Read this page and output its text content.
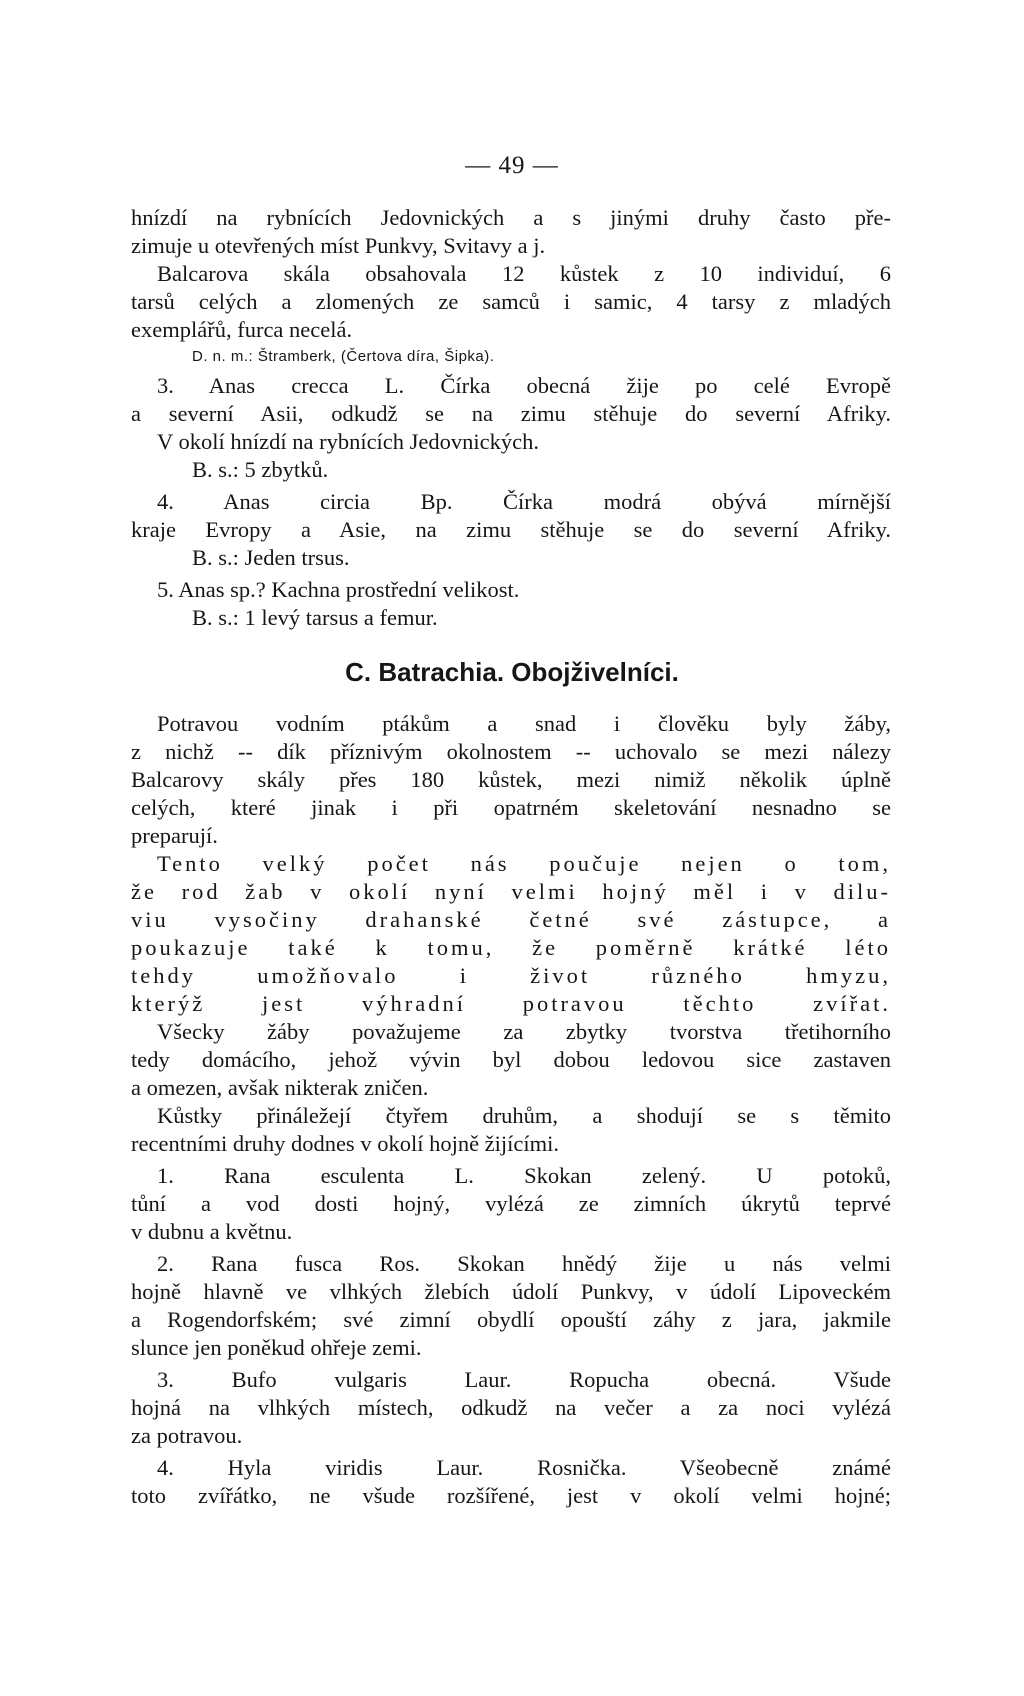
— 49 —
hnízdí na rybnících Jedovnických a s jinými druhy často pře-
zimuje u otevřených míst Punkvy, Svitavy a j.
Balcarova skála obsahovala 12 kůstek z 10 individuí, 6
tarsů celých a zlomených ze samců i samic, 4 tarsy z mladých
exemplářů, furca necelá.
D. n. m.: Štramberk, (Čertova díra, Šipka).
3. Anas crecca L. Čírka obecná žije po celé Evropě
a severní Asii, odkudž se na zimu stěhuje do severní Afriky.
V okolí hnízdí na rybnících Jedovnických.
B. s.: 5 zbytků.
4. Anas circia Bp. Čírka modrá obývá mírnější
kraje Evropy a Asie, na zimu stěhuje se do severní Afriky.
B. s.: Jeden trsus.
5. Anas sp.? Kachna prostřední velikost.
B. s.: 1 levý tarsus a femur.
C. Batrachia. Obojživelníci.
Potravou vodním ptákům a snad i člověku byly žáby,
z nichž -- dík příznivým okolnostem -- uchovalo se mezi nálezy
Balcarovy skály přes 180 kůstek, mezi nimiž několik úplně
celých, které jinak i při opatrném skeletování nesnadno se
preparují.
Tento velký počet nás poučuje nejen o tom,
že rod žab v okolí nyní velmi hojný měl i v dilu-
viu vysočiny drahanské četné své zástupce, a
poukazuje také k tomu, že poměrně krátké léto
tehdy umožňovalo i život různého hmyzu,
kterýž jest výhradní potravou těchto zvířat.
Všecky žáby považujeme za zbytky tvorstva třetihorního
tedy domácího, jehož vývin byl dobou ledovou sice zastaven
a omezen, avšak nikterak zničen.
Kůstky přináležejí čtyřem druhům, a shodují se s těmito
recentními druhy dodnes v okolí hojně žijícími.
1. Rana esculenta L. Skokan zelený. U potoků,
tůní a vod dosti hojný, vylézá ze zimních úkrytů teprvé
v dubnu a květnu.
2. Rana fusca Ros. Skokan hnědý žije u nás velmi
hojně hlavně ve vlhkých žlebích údolí Punkvy, v údolí Lipoveckém
a Rogendorfském; své zimní obydlí opouští záhy z jara, jakmile
slunce jen poněkud ohřeje zemi.
3. Bufo vulgaris Laur. Ropucha obecná. Všude
hojná na vlhkých místech, odkudž na večer a za noci vylézá
za potravou.
4. Hyla viridis Laur. Rosnička. Všeobecně známé
toto zvířátko, ne všude rozšířené, jest v okolí velmi hojné;
